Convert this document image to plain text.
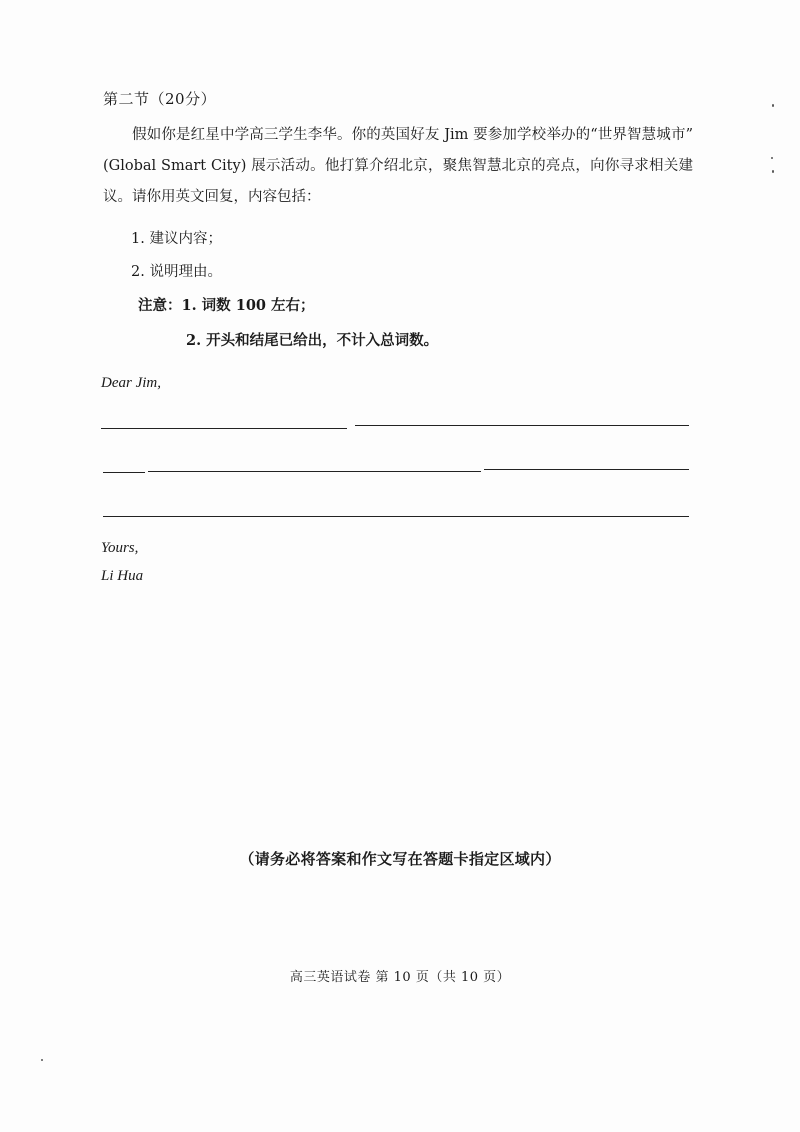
第二节（20分）
假如你是红星中学高三学生李华。你的英国好友 Jim 要参加学校举办的“世界智慧城市” (Global Smart City) 展示活动。他打算介绍北京，聚焦智慧北京的亮点，向你寻求相关建议。请你用英文回复，内容包括：
1. 建议内容；
2. 说明理由。
注意：1. 词数 100 左右；
2. 开头和结尾已给出，不计入总词数。
Dear Jim,
Yours,
Li Hua
（请务必将答案和作文写在答题卡指定区域内）
高三英语试卷 第 10 页（共 10 页）
